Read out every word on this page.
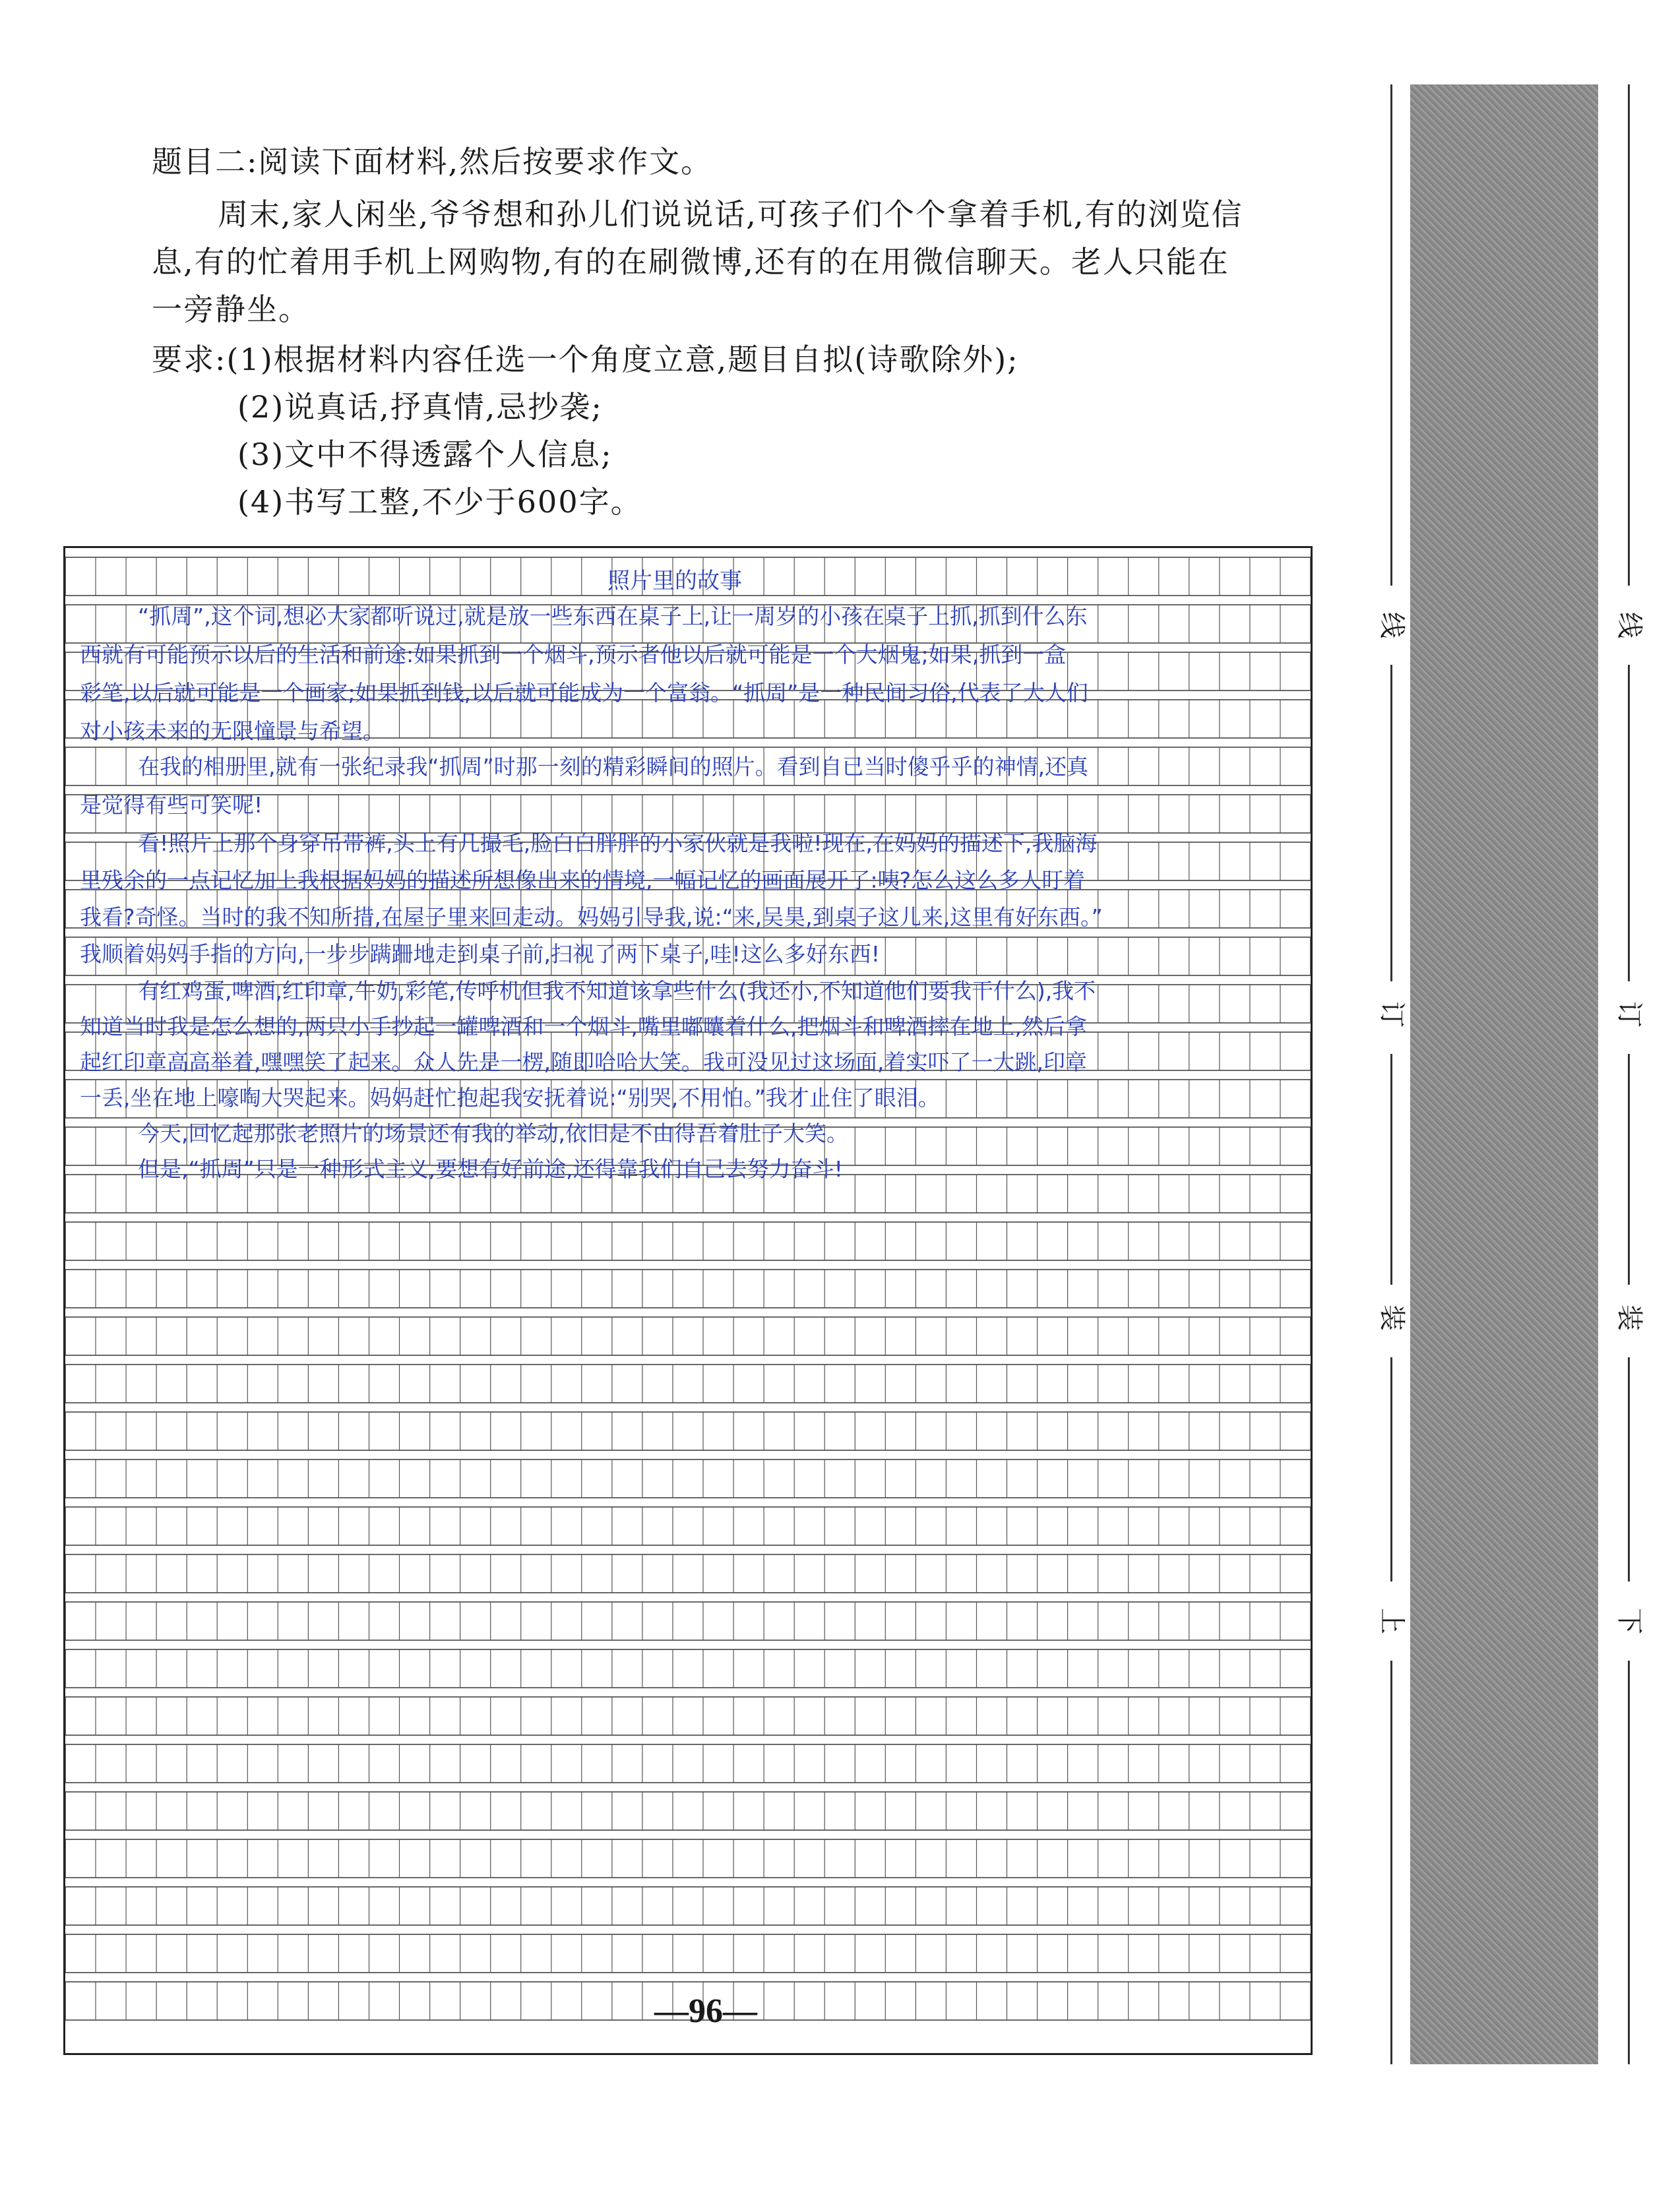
题目二:阅读下面材料,然后按要求作文。
周末,家人闲坐,爷爷想和孙儿们说说话,可孩子们个个拿着手机,有的浏览信
息,有的忙着用手机上网购物,有的在刷微博,还有的在用微信聊天。老人只能在
一旁静坐。
要求:(1)根据材料内容任选一个角度立意,题目自拟(诗歌除外);
(2)说真话,抒真情,忌抄袭;
(3)文中不得透露个人信息;
(4)书写工整,不少于600字。
照片里的故事
“抓周”,这个词,想必大家都听说过,就是放一些东西在桌子上,让一周岁的小孩在桌子上抓,抓到什么东
西就有可能预示以后的生活和前途:如果抓到一个烟斗,预示者他以后就可能是一个大烟鬼;如果,抓到一盒
彩笔,以后就可能是一个画家;如果抓到钱,以后就可能成为一个富翁。“抓周”是一种民间习俗,代表了大人们
对小孩未来的无限憧景与希望。
在我的相册里,就有一张纪录我“抓周”时那一刻的精彩瞬间的照片。看到自已当时傻乎乎的神情,还真
是觉得有些可笑呢!
看!照片上那个身穿吊带裤,头上有几撮毛,脸白白胖胖的小家伙就是我啦!现在,在妈妈的描述下,我脑海
里残余的一点记忆加上我根据妈妈的描述所想像出来的情境,一幅记忆的画面展开了:咦?怎么这么多人盯着
我看?奇怪。当时的我不知所措,在屋子里来回走动。妈妈引导我,说:“来,吴昊,到桌子这儿来,这里有好东西。”
我顺着妈妈手指的方向,一步步蹒跚地走到桌子前,扫视了两下桌子,哇!这么多好东西!
有红鸡蛋,啤酒,红印章,牛奶,彩笔,传呼机但我不知道该拿些什么(我还小,不知道他们要我干什么),我不
知道当时我是怎么想的,两只小手抄起一罐啤酒和一个烟斗,嘴里嘟囔着什么,把烟斗和啤酒摔在地上,然后拿
起红印章高高举着,嘿嘿笑了起来。众人先是一楞,随即哈哈大笑。我可没见过这场面,着实吓了一大跳,印章
一丢,坐在地上嚎啕大哭起来。妈妈赶忙抱起我安抚着说:“别哭,不用怕。”我才止住了眼泪。
今天,回忆起那张老照片的场景还有我的举动,依旧是不由得吾着肚子大笑。
但是,“抓周”只是一种形式主义,要想有好前途,还得靠我们自己去努力奋斗!
线
订
装
上
线
订
装
下
—96—
